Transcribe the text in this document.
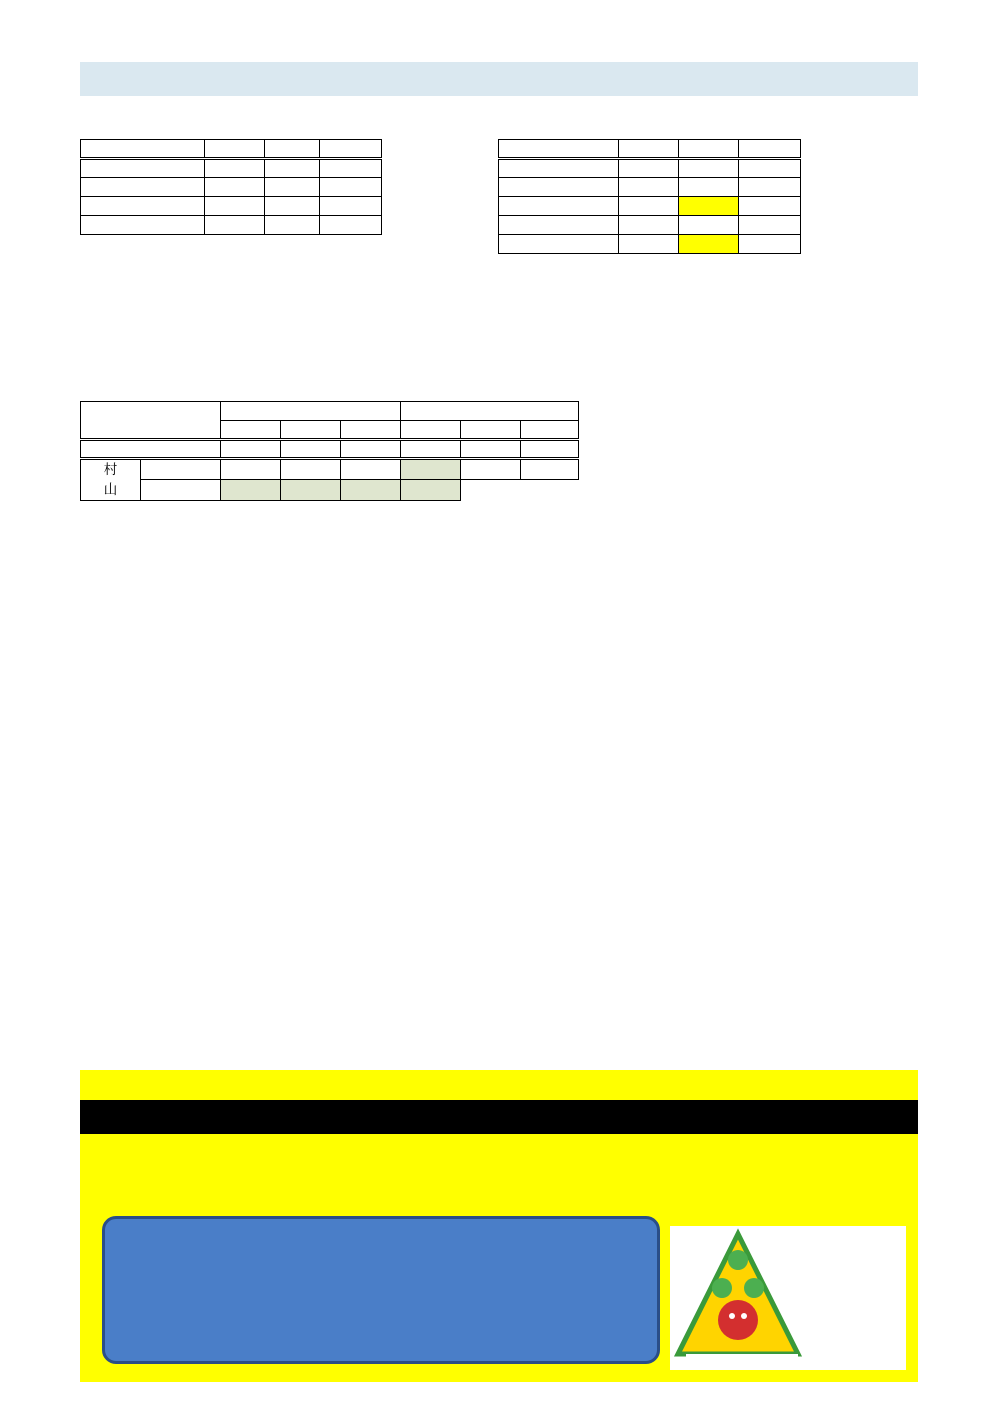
村
山							
